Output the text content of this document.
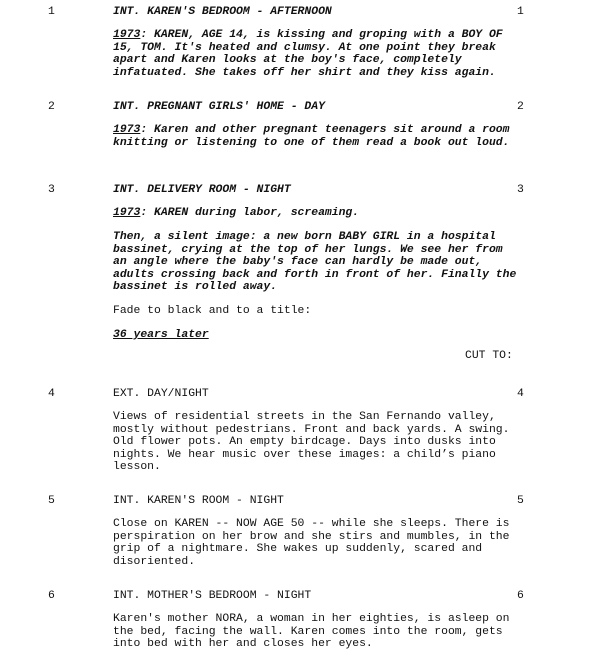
1	INT. KAREN'S BEDROOM - AFTERNOON	1

1973: KAREN, AGE 14, is kissing and groping with a BOY OF 15, TOM. It's heated and clumsy. At one point they break apart and Karen looks at the boy's face, completely infatuated. She takes off her shirt and they kiss again.

2	INT. PREGNANT GIRLS' HOME - DAY	2

1973: Karen and other pregnant teenagers sit around a room knitting or listening to one of them read a book out loud.

3	INT. DELIVERY ROOM - NIGHT	3

1973: KAREN during labor, screaming.

Then, a silent image: a new born BABY GIRL in a hospital bassinet, crying at the top of her lungs. We see her from an angle where the baby's face can hardly be made out, adults crossing back and forth in front of her. Finally the bassinet is rolled away.

Fade to black and to a title:

36 years later

CUT TO:
4	EXT. DAY/NIGHT	4

Views of residential streets in the San Fernando valley, mostly without pedestrians. Front and back yards. A swing. Old flower pots. An empty birdcage. Days into dusks into nights. We hear music over these images: a child’s piano lesson.

5	INT. KAREN'S ROOM - NIGHT	5

Close on KAREN -- NOW AGE 50 -- while she sleeps. There is perspiration on her brow and she stirs and mumbles, in the grip of a nightmare. She wakes up suddenly, scared and disoriented.

6	INT. MOTHER'S BEDROOM - NIGHT	6

Karen's mother NORA, a woman in her eighties, is asleep on the bed, facing the wall. Karen comes into the room, gets into bed with her and closes her eyes.
